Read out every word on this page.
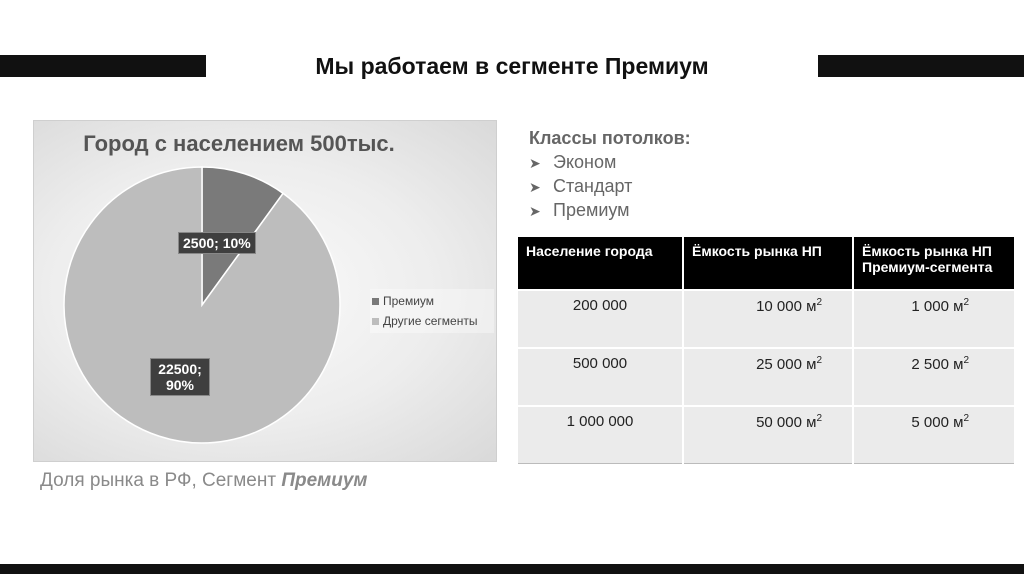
Мы работаем в сегменте Премиум
Город с населением 500тыс.
Премиум
Другие сегменты
2500; 10%
22500;
90%
Доля рынка в РФ, Сегмент Премиум
Классы потолков:
➤ Эконом
➤ Стандарт
➤ Премиум
Население города	Ёмкость рынка НП	Ёмкость рынка НП Премиум-сегмента
200 000	10 000 $м^2$	1 000 $м^2$
500 000	25 000 $м^2$	2 500 $м^2$
1 000 000	50 000 $м^2$	5 000 $м^2$
